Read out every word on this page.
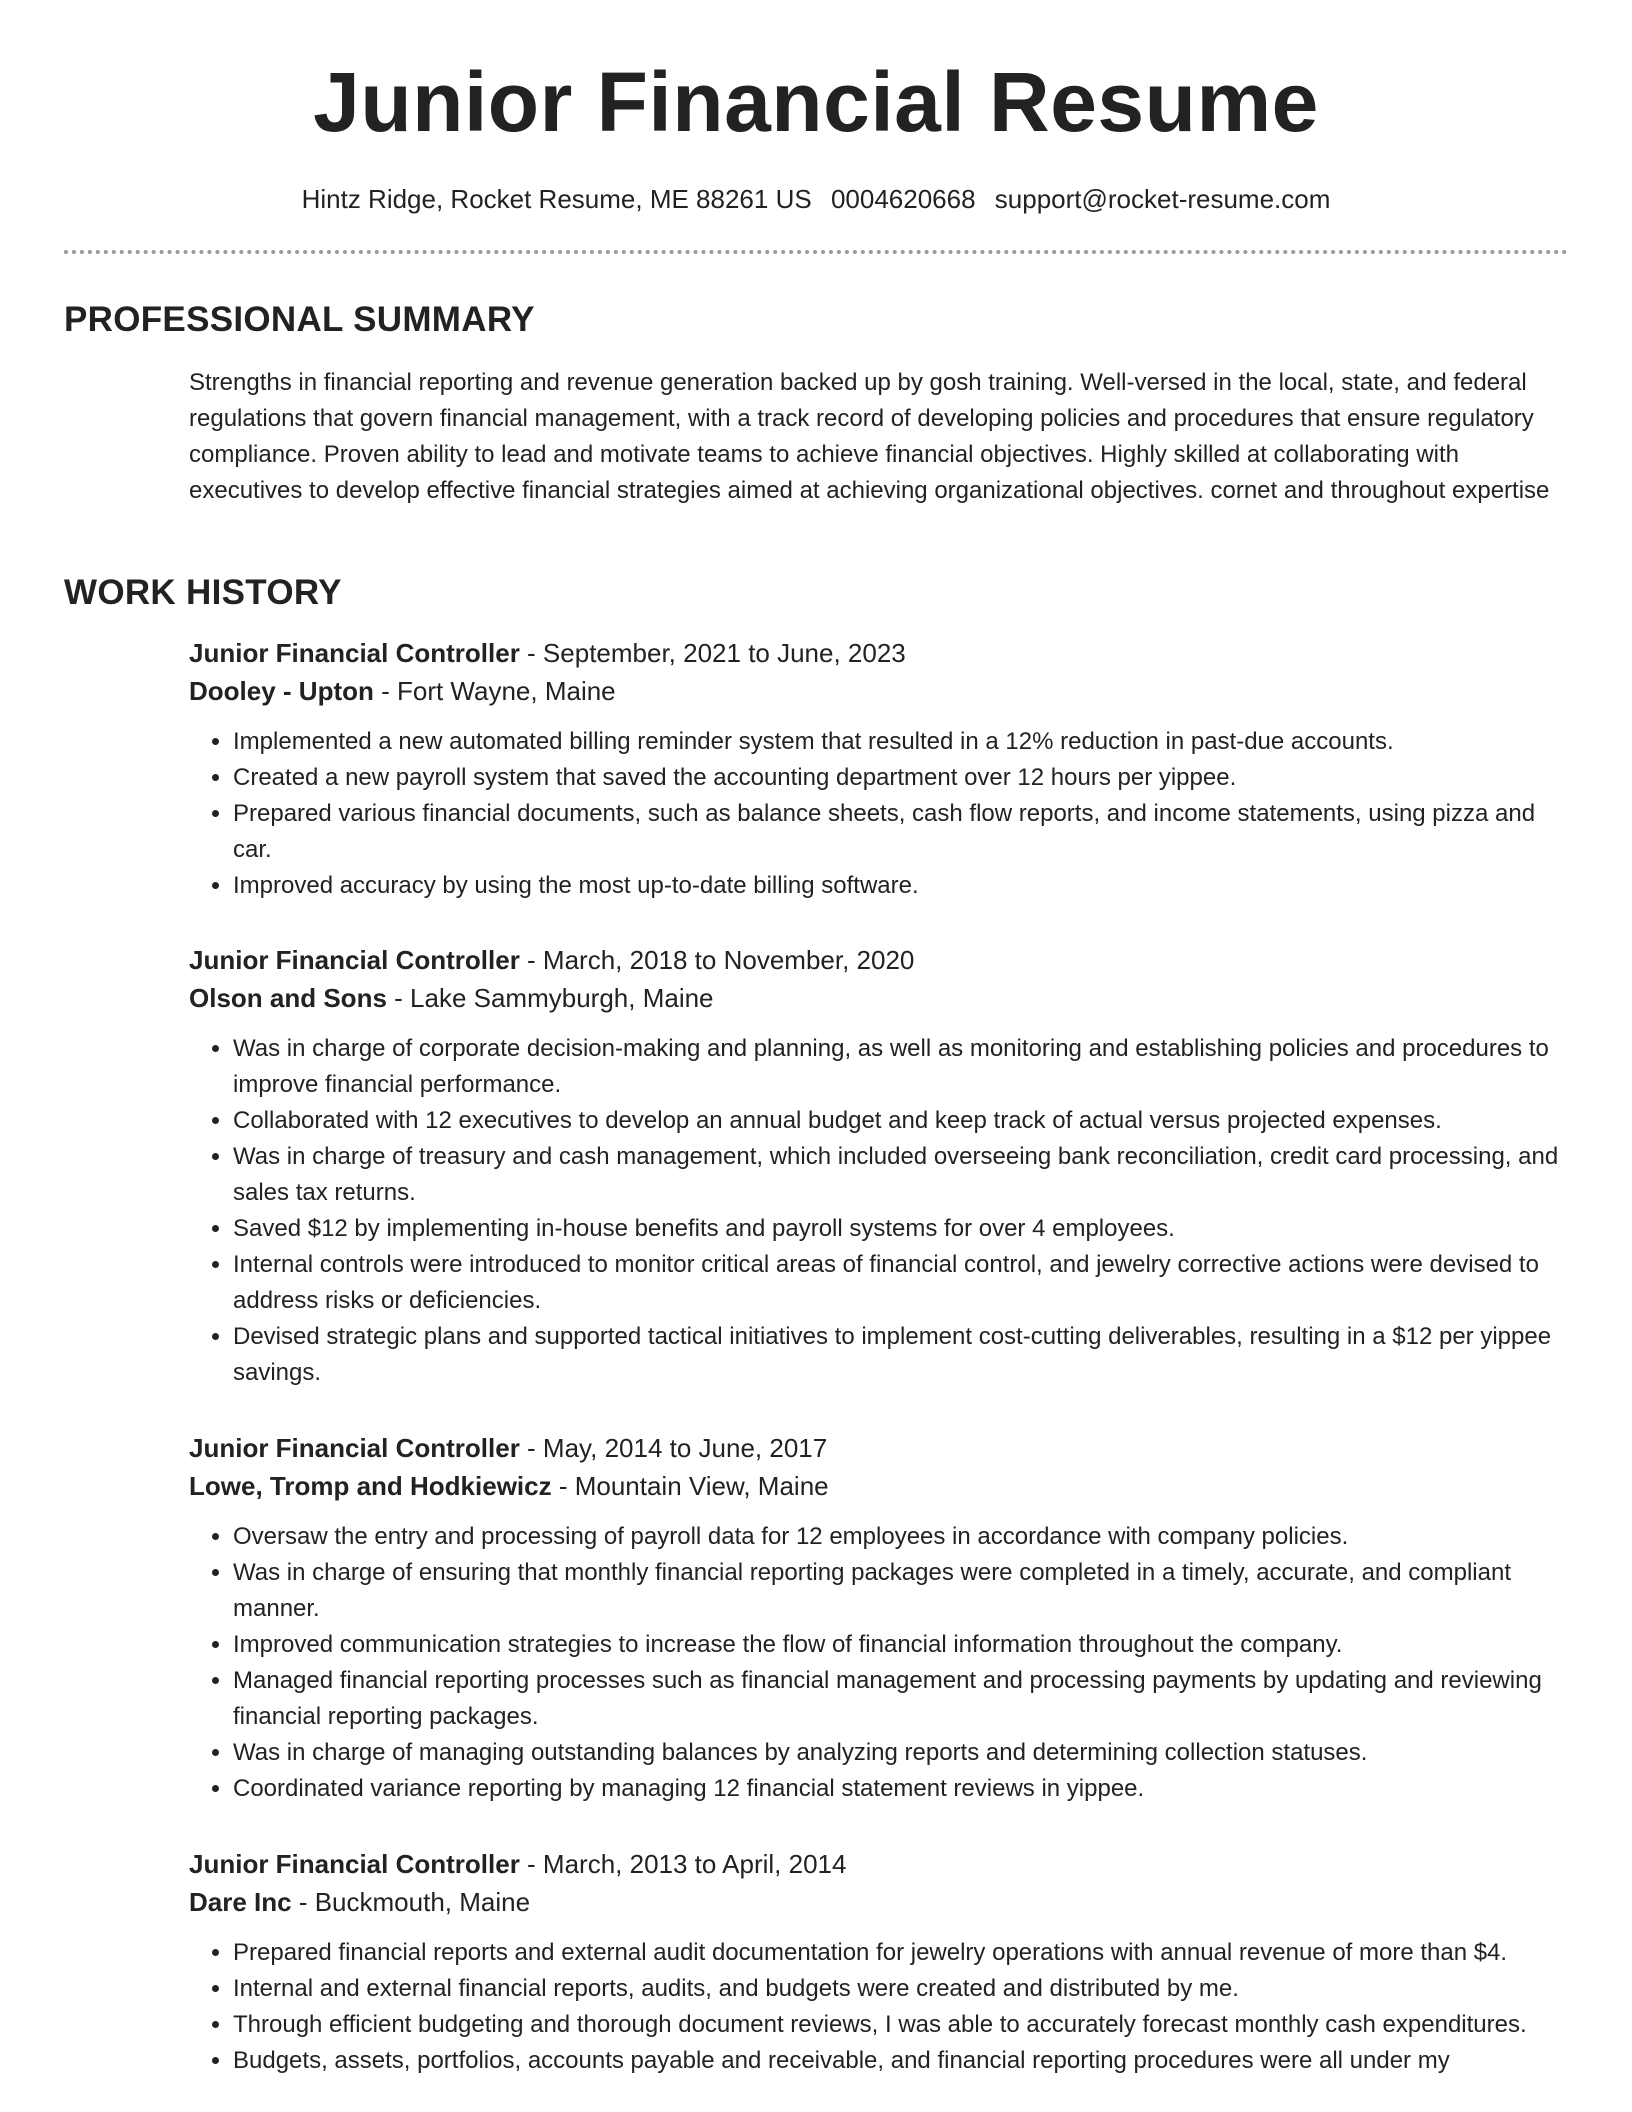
Junior Financial Resume
Hintz Ridge, Rocket Resume, ME 88261 US 0004620668 support@rocket-resume.com
PROFESSIONAL SUMMARY

Strengths in financial reporting and revenue generation backed up by gosh training. Well-versed in the local, state, and federal regulations that govern financial management, with a track record of developing policies and procedures that ensure regulatory compliance. Proven ability to lead and motivate teams to achieve financial objectives. Highly skilled at collaborating with executives to develop effective financial strategies aimed at achieving organizational objectives. cornet and throughout expertise

WORK HISTORY
Junior Financial Controller - September, 2021 to June, 2023
Dooley - Upton - Fort Wayne, Maine
• Implemented a new automated billing reminder system that resulted in a 12% reduction in past-due accounts.
• Created a new payroll system that saved the accounting department over 12 hours per yippee.
• Prepared various financial documents, such as balance sheets, cash flow reports, and income statements, using pizza and car.
• Improved accuracy by using the most up-to-date billing software.
Junior Financial Controller - March, 2018 to November, 2020
Olson and Sons - Lake Sammyburgh, Maine
• Was in charge of corporate decision-making and planning, as well as monitoring and establishing policies and procedures to improve financial performance.
• Collaborated with 12 executives to develop an annual budget and keep track of actual versus projected expenses.
• Was in charge of treasury and cash management, which included overseeing bank reconciliation, credit card processing, and sales tax returns.
• Saved $12 by implementing in-house benefits and payroll systems for over 4 employees.
• Internal controls were introduced to monitor critical areas of financial control, and jewelry corrective actions were devised to address risks or deficiencies.
• Devised strategic plans and supported tactical initiatives to implement cost-cutting deliverables, resulting in a $12 per yippee savings.
Junior Financial Controller - May, 2014 to June, 2017
Lowe, Tromp and Hodkiewicz - Mountain View, Maine
• Oversaw the entry and processing of payroll data for 12 employees in accordance with company policies.
• Was in charge of ensuring that monthly financial reporting packages were completed in a timely, accurate, and compliant manner.
• Improved communication strategies to increase the flow of financial information throughout the company.
• Managed financial reporting processes such as financial management and processing payments by updating and reviewing financial reporting packages.
• Was in charge of managing outstanding balances by analyzing reports and determining collection statuses.
• Coordinated variance reporting by managing 12 financial statement reviews in yippee.
Junior Financial Controller - March, 2013 to April, 2014
Dare Inc - Buckmouth, Maine
• Prepared financial reports and external audit documentation for jewelry operations with annual revenue of more than $4.
• Internal and external financial reports, audits, and budgets were created and distributed by me.
• Through efficient budgeting and thorough document reviews, I was able to accurately forecast monthly cash expenditures.
• Budgets, assets, portfolios, accounts payable and receivable, and financial reporting procedures were all under my
